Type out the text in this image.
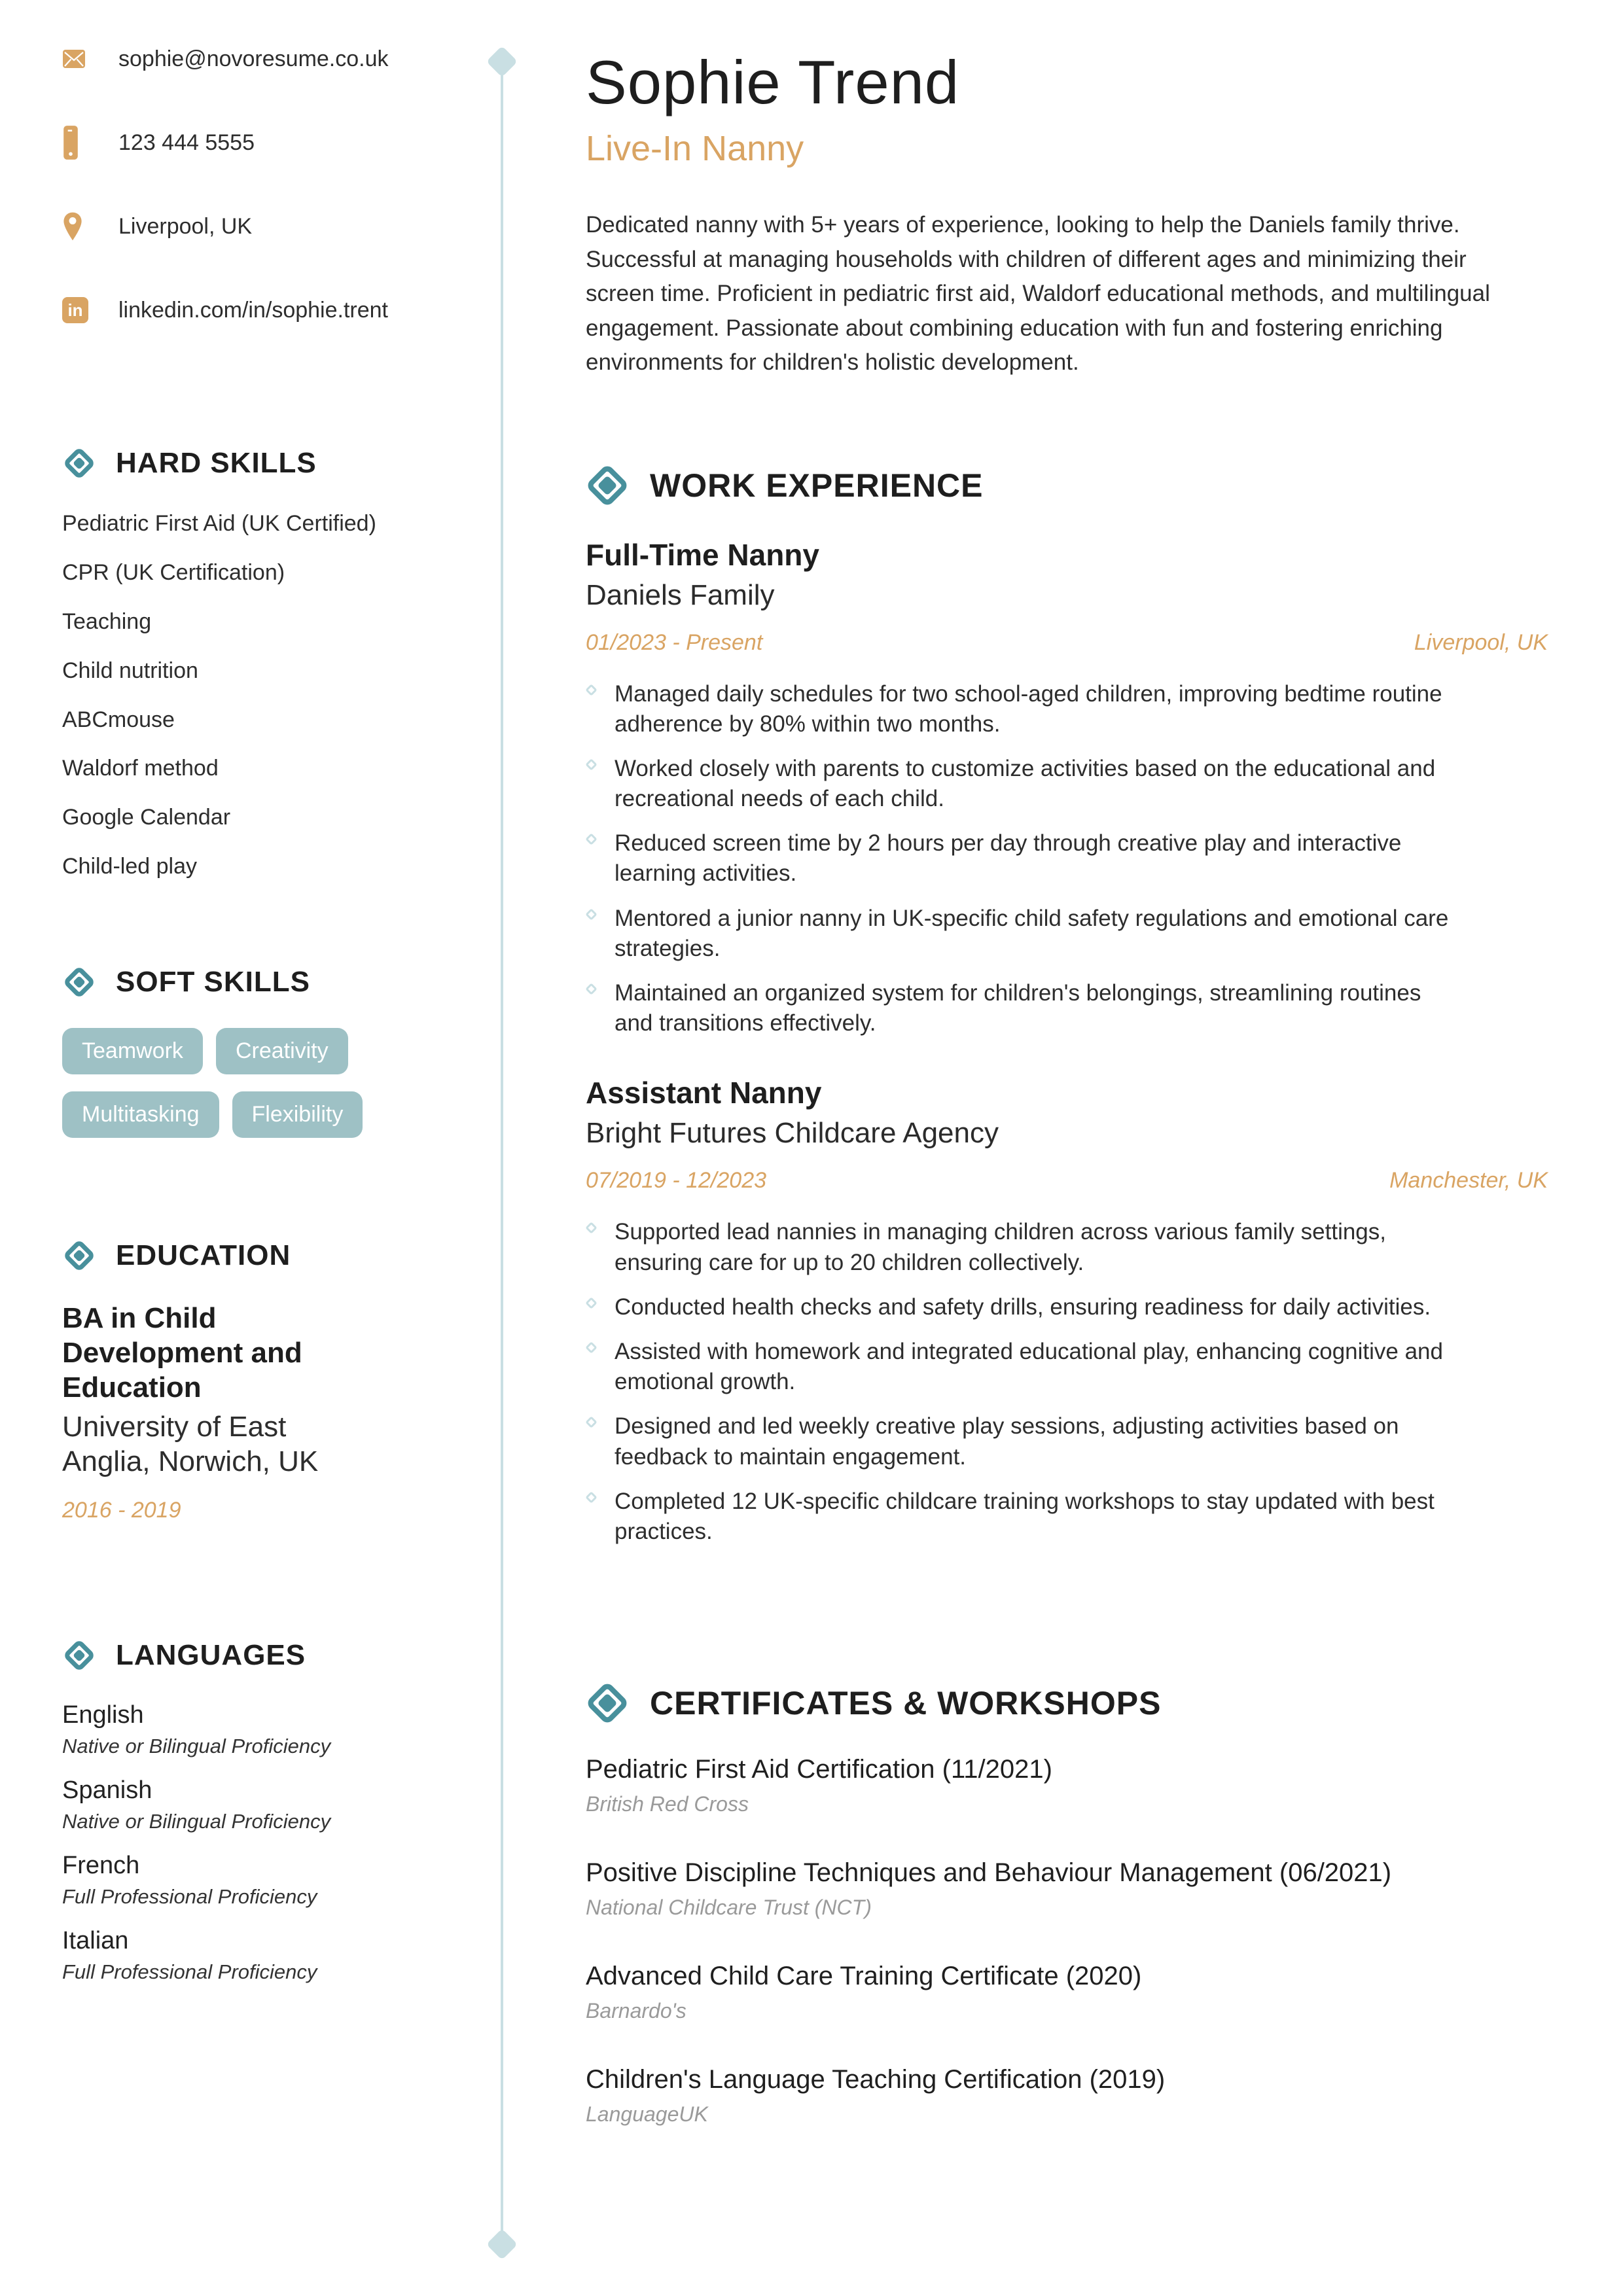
sophie@novoresume.co.uk
123 444 5555
Liverpool, UK
in linkedin.com/in/sophie.trent
HARD SKILLS
Pediatric First Aid (UK Certified)
CPR (UK Certification)
Teaching
Child nutrition
ABCmouse
Waldorf method
Google Calendar
Child-led play
SOFT SKILLS
Teamwork Creativity
Multitasking Flexibility
EDUCATION
BA in Child Development and Education
University of East Anglia, Norwich, UK
2016 - 2019
LANGUAGES
English
Native or Bilingual Proficiency
Spanish
Native or Bilingual Proficiency
French
Full Professional Proficiency
Italian
Full Professional Proficiency
Sophie Trend
Live-In Nanny

Dedicated nanny with 5+ years of experience, looking to help the Daniels family thrive. Successful at managing households with children of different ages and minimizing their screen time. Proficient in pediatric first aid, Waldorf educational methods, and multilingual engagement. Passionate about combining education with fun and fostering enriching environments for children's holistic development.

WORK EXPERIENCE
Full-Time Nanny
Daniels Family
01/2023 - Present	Liverpool, UK
Managed daily schedules for two school-aged children, improving bedtime routine adherence by 80% within two months.
Worked closely with parents to customize activities based on the educational and recreational needs of each child.
Reduced screen time by 2 hours per day through creative play and interactive learning activities.
Mentored a junior nanny in UK-specific child safety regulations and emotional care strategies.
Maintained an organized system for children's belongings, streamlining routines and transitions effectively.
Assistant Nanny
Bright Futures Childcare Agency
07/2019 - 12/2023	Manchester, UK
Supported lead nannies in managing children across various family settings, ensuring care for up to 20 children collectively.
Conducted health checks and safety drills, ensuring readiness for daily activities.
Assisted with homework and integrated educational play, enhancing cognitive and emotional growth.
Designed and led weekly creative play sessions, adjusting activities based on feedback to maintain engagement.
Completed 12 UK-specific childcare training workshops to stay updated with best practices.
CERTIFICATES & WORKSHOPS
Pediatric First Aid Certification (11/2021)
British Red Cross
Positive Discipline Techniques and Behaviour Management (06/2021)
National Childcare Trust (NCT)
Advanced Child Care Training Certificate (2020)
Barnardo's
Children's Language Teaching Certification (2019)
LanguageUK
